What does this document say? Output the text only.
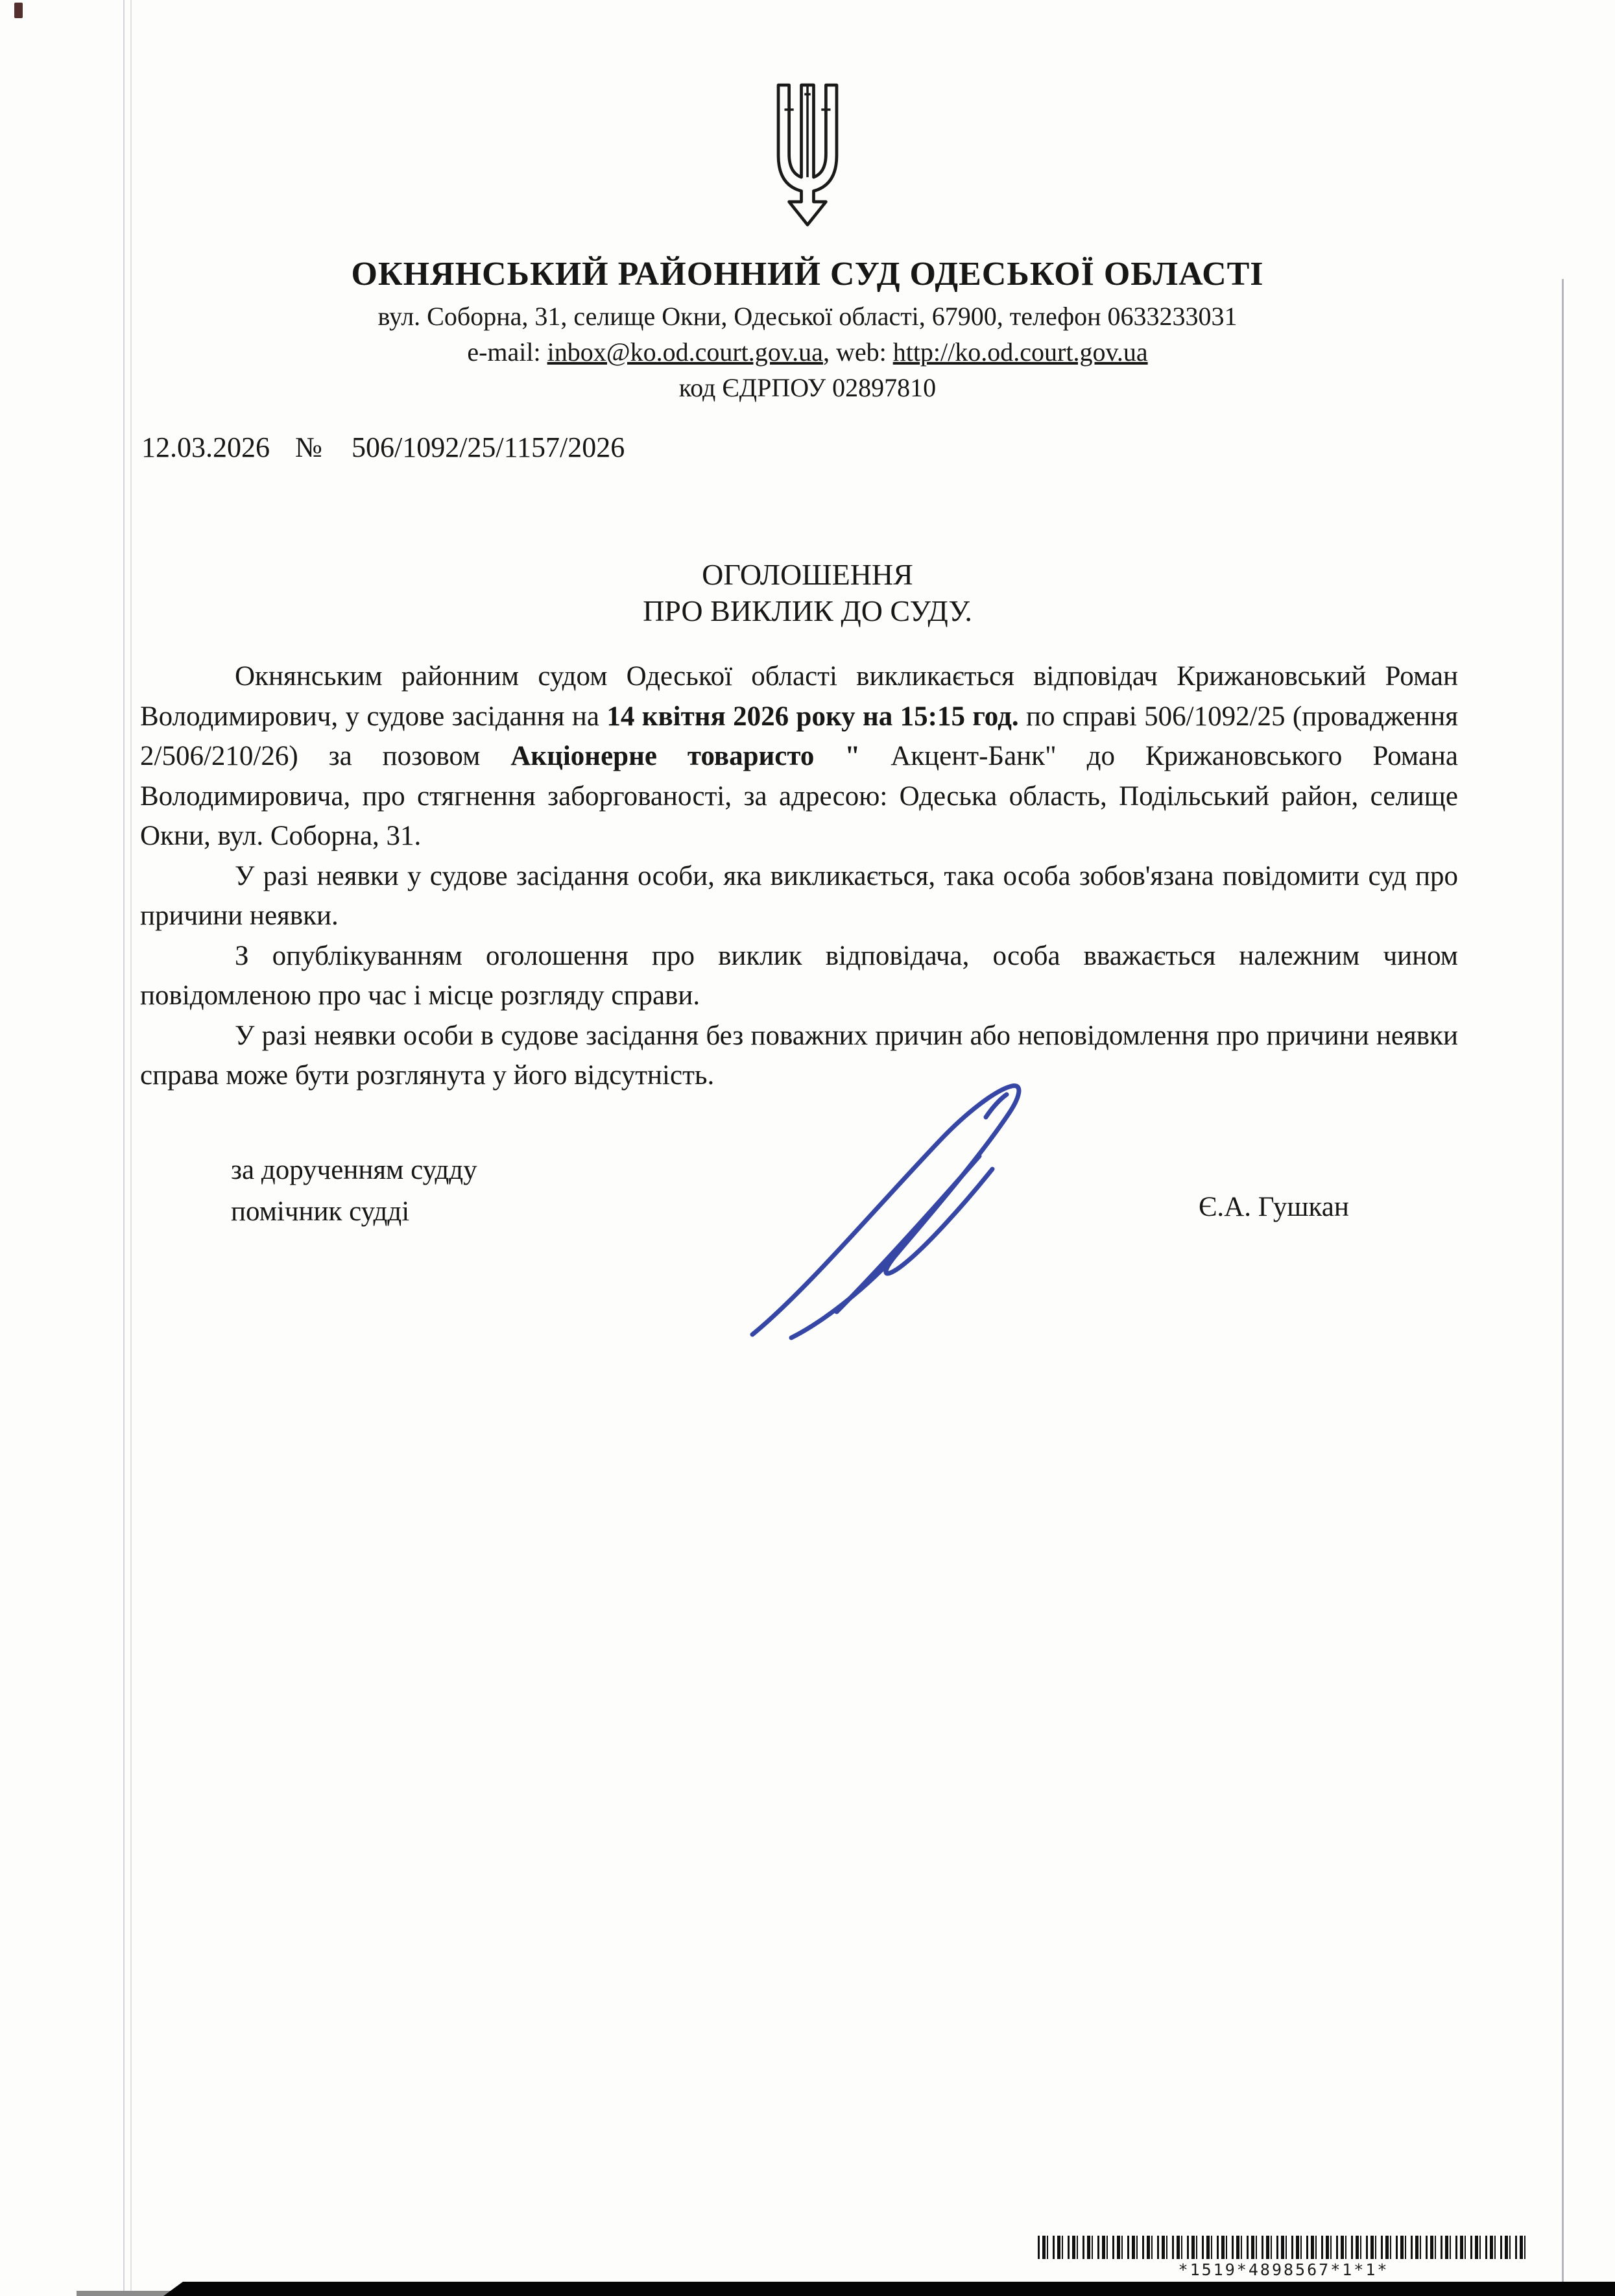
ОКНЯНСЬКИЙ РАЙОННИЙ СУД ОДЕСЬКОЇ ОБЛАСТІ
вул. Соборна, 31, селище Окни, Одеської області, 67900, телефон 0633233031
e-mail: inbox@ko.od.court.gov.ua, web: http://ko.od.court.gov.ua
код ЄДРПОУ 02897810
12.03.2026 № 506/1092/25/1157/2026
ОГОЛОШЕННЯ
ПРО ВИКЛИК ДО СУДУ.

Окнянським районним судом Одеської області викликається відповідач Крижановський Роман Володимирович, у судове засідання на 14 квітня 2026 року на 15:15 год. по справі 506/1092/25 (провадження 2/506/210/26) за позовом Акціонерне товаристо " Акцент-Банк" до Крижановського Романа Володимировича, про стягнення заборгованості, за адресою: Одеська область, Подільський район, селище Окни, вул. Соборна, 31.

У разі неявки у судове засідання особи, яка викликається, така особа зобов'язана повідомити суд про причини неявки.

З опублікуванням оголошення про виклик відповідача, особа вважається належним чином повідомленою про час і місце розгляду справи.

У разі неявки особи в судове засідання без поважних причин або неповідомлення про причини неявки справа може бути розглянута у його відсутність.

за дорученням судду
помічник судді	Є.А. Гушкан
*1519*4898567*1*1*
